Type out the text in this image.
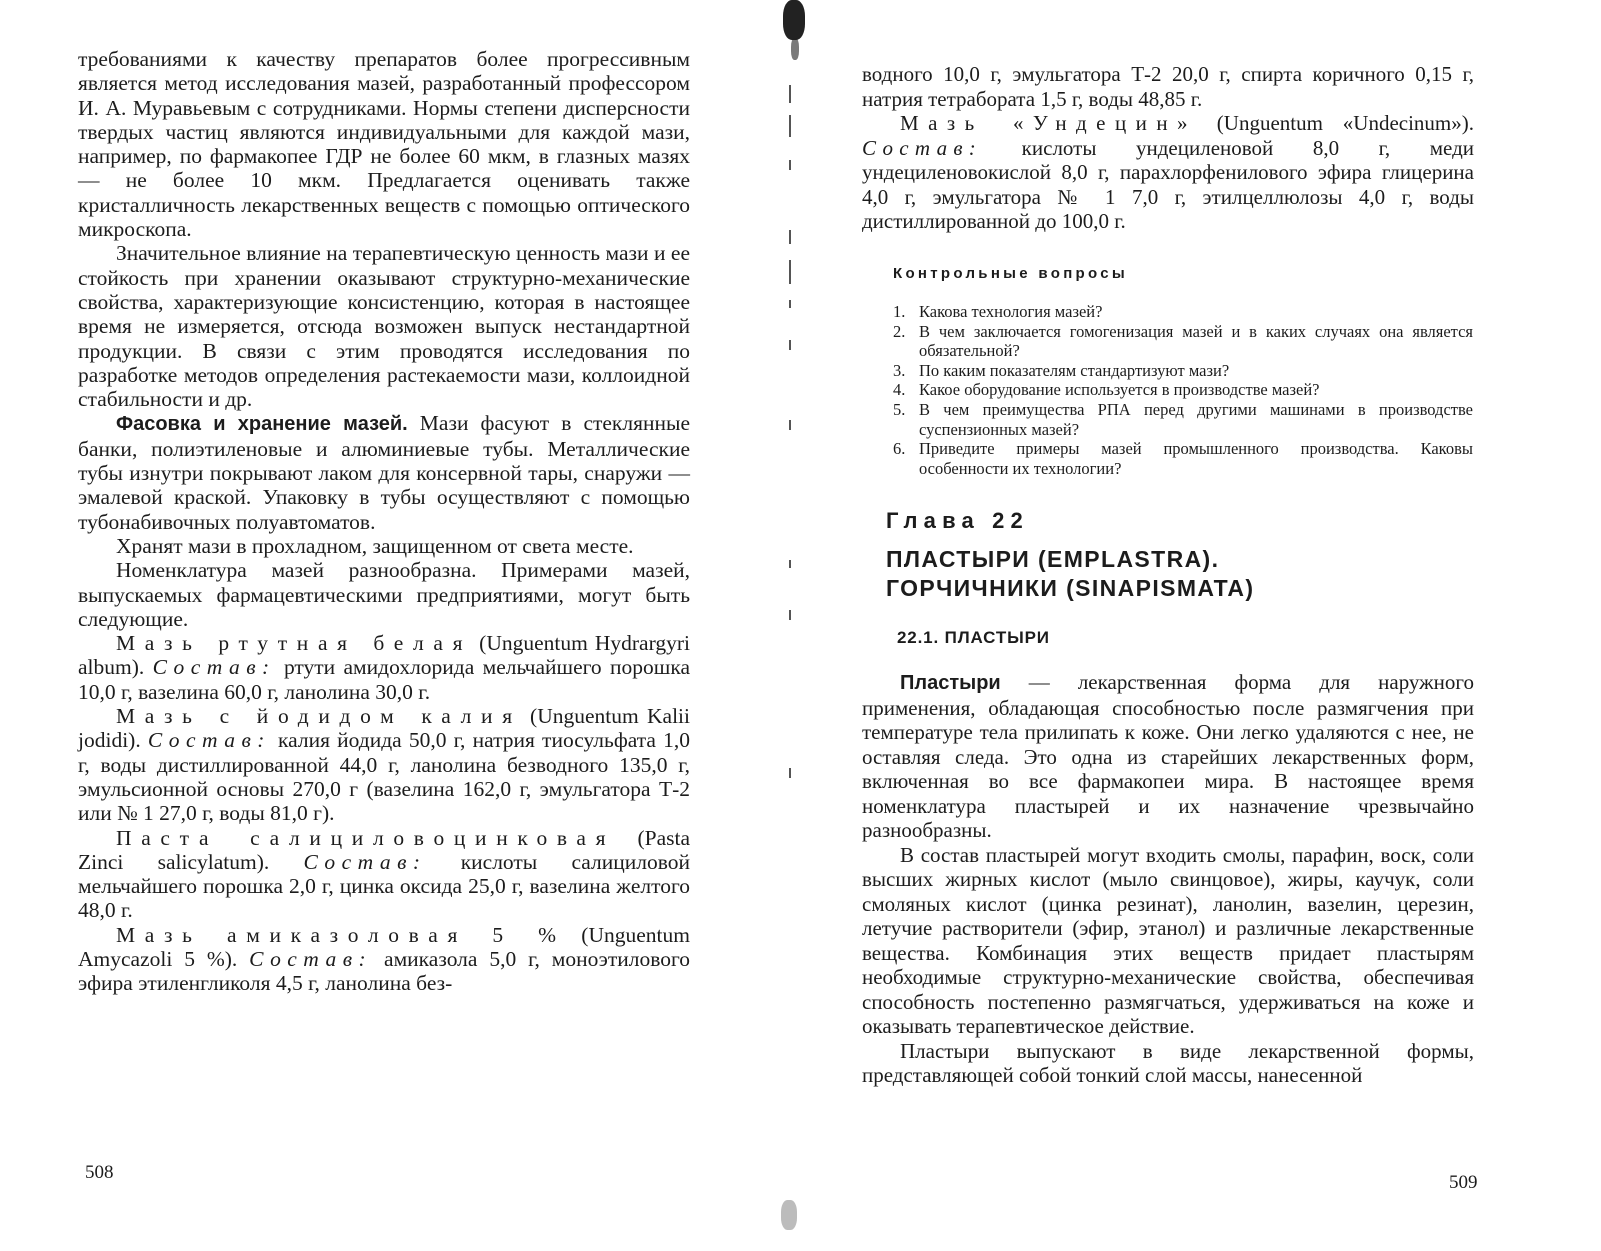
требованиями к качеству препаратов более прогрессивным является метод исследования мазей, разработанный профессором И. А. Муравьевым с сотрудниками. Нормы степени дисперсности твердых частиц являются индивидуальными для каждой мази, например, по фармакопее ГДР не более 60 мкм, в глазных мазях — не более 10 мкм. Предлагается оценивать также кристалличность лекарственных веществ с помощью оптического микроскопа.

Значительное влияние на терапевтическую ценность мази и ее стойкость при хранении оказывают структурно-механические свойства, характеризующие консистенцию, которая в настоящее время не измеряется, отсюда возможен выпуск нестандартной продукции. В связи с этим проводятся исследования по разработке методов определения растекаемости мази, коллоидной стабильности и др.

Фасовка и хранение мазей. Мази фасуют в стеклянные банки, полиэтиленовые и алюминиевые тубы. Металлические тубы изнутри покрывают лаком для консервной тары, снаружи — эмалевой краской. Упаковку в тубы осуществляют с помощью тубонабивочных полуавтоматов.

Хранят мази в прохладном, защищенном от света месте.

Номенклатура мазей разнообразна. Примерами мазей, выпускаемых фармацевтическими предприятиями, могут быть следующие.

Мазь ртутная белая (Unguentum Hydrargyri album). Состав: ртути амидохлорида мельчайшего порошка 10,0 г, вазелина 60,0 г, ланолина 30,0 г.

Мазь с йодидом калия (Unguentum Kalii jodidi). Состав: калия йодида 50,0 г, натрия тиосульфата 1,0 г, воды дистиллированной 44,0 г, ланолина безводного 135,0 г, эмульсионной основы 270,0 г (вазелина 162,0 г, эмульгатора Т-2 или № 1 27,0 г, воды 81,0 г).

Паста салициловоцинковая (Pasta Zinci salicylatum). Состав: кислоты салициловой мельчайшего порошка 2,0 г, цинка оксида 25,0 г, вазелина желтого 48,0 г.

Мазь амиказоловая 5 % (Unguentum Amycazoli 5 %). Состав: амиказола 5,0 г, моноэтилового эфира этиленгликоля 4,5 г, ланолина без-

508

водного 10,0 г, эмульгатора Т-2 20,0 г, спирта коричного 0,15 г, натрия тетрабората 1,5 г, воды 48,85 г.

Мазь «Ундецин» (Unguentum «Undecinum»). Состав: кислоты ундециленовой 8,0 г, меди ундециленовокислой 8,0 г, парахлорфенилового эфира глицерина 4,0 г, эмульгатора № 1 7,0 г, этилцеллюлозы 4,0 г, воды дистиллированной до 100,0 г.

Контрольные вопросы
1. Какова технология мазей?
2. В чем заключается гомогенизация мазей и в каких случаях она является обязательной?
3. По каким показателям стандартизуют мази?
4. Какое оборудование используется в производстве мазей?
5. В чем преимущества РПА перед другими машинами в производстве суспензионных мазей?
6. Приведите примеры мазей промышленного производства. Каковы особенности их технологии?
Глава 22
ПЛАСТЫРИ (EMPLASTRA).
ГОРЧИЧНИКИ (SINAPISMATA)
22.1. ПЛАСТЫРИ

Пластыри — лекарственная форма для наружного применения, обладающая способностью после размягчения при температуре тела прилипать к коже. Они легко удаляются с нее, не оставляя следа. Это одна из старейших лекарственных форм, включенная во все фармакопеи мира. В настоящее время номенклатура пластырей и их назначение чрезвычайно разнообразны.

В состав пластырей могут входить смолы, парафин, воск, соли высших жирных кислот (мыло свинцовое), жиры, каучук, соли смоляных кислот (цинка резинат), ланолин, вазелин, церезин, летучие растворители (эфир, этанол) и различные лекарственные вещества. Комбинация этих веществ придает пластырям необходимые структурно-механические свойства, обеспечивая способность постепенно размягчаться, удерживаться на коже и оказывать терапевтическое действие.

Пластыри выпускают в виде лекарственной формы, представляющей собой тонкий слой массы, нанесенной

509
